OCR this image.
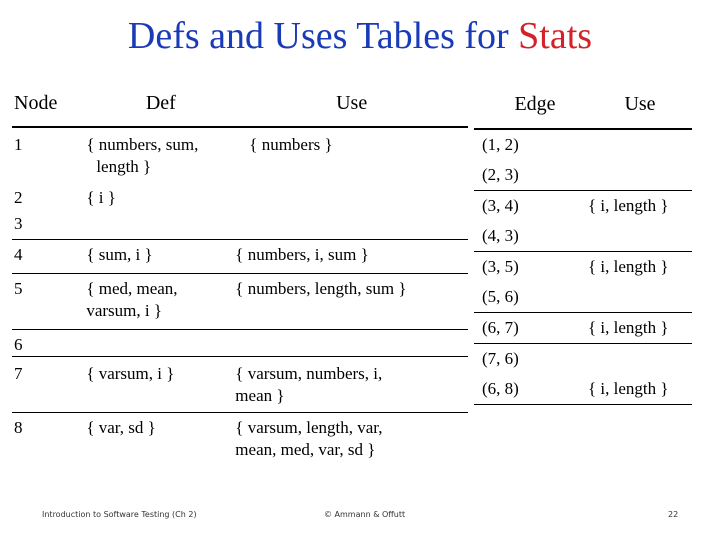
Defs and Uses Tables for Stats
Node	Def	Use
1	{ numbers, sum,
length }	{ numbers }

2	{ i }	

3		
4	{ sum, i }	{ numbers, i, sum }

5	{ med, mean,
varsum, i }	{ numbers, length, sum }

6		
7	{ varsum, i }	{ varsum, numbers, i,
mean }

8	{ var, sd }	{ varsum, length, var,
mean, med, var, sd }
Edge	Use
(1, 2)	
(2, 3)	
(3, 4)	{ i, length }
(4, 3)	
(3, 5)	{ i, length }
(5, 6)	
(6, 7)	{ i, length }
(7, 6)	
(6, 8)	{ i, length }
Introduction to Software Testing (Ch 2)	© Ammann & Offutt	22
